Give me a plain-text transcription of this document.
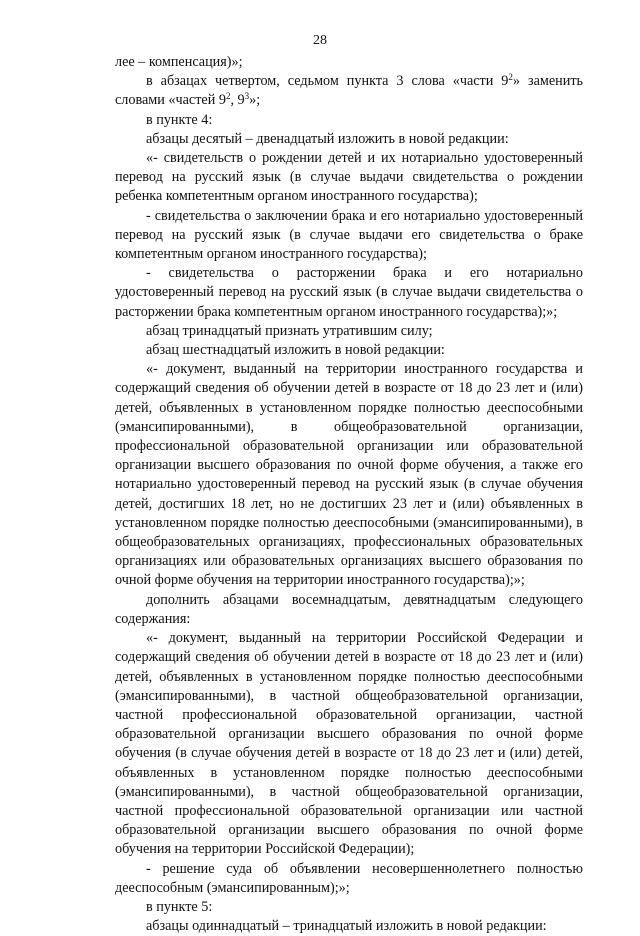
28

лее – компенсация)»;

в абзацах четвертом, седьмом пункта 3 слова «части $9^2$» заменить словами «частей $9^2$, $9^3$»;

в пункте 4:

абзацы десятый – двенадцатый изложить в новой редакции:

«- свидетельств о рождении детей и их нотариально удостоверенный перевод на русский язык (в случае выдачи свидетельства о рождении ребенка компетентным органом иностранного государства);

- свидетельства о заключении брака и его нотариально удостоверенный перевод на русский язык (в случае выдачи его свидетельства о браке компетентным органом иностранного государства);

- свидетельства о расторжении брака и его нотариально удостоверенный перевод на русский язык (в случае выдачи свидетельства о расторжении брака компетентным органом иностранного государства);»;

абзац тринадцатый признать утратившим силу;

абзац шестнадцатый изложить в новой редакции:

«- документ, выданный на территории иностранного государства и содержащий сведения об обучении детей в возрасте от 18 до 23 лет и (или) детей, объявленных в установленном порядке полностью дееспособными (эмансипированными), в общеобразовательной организации, профессиональной образовательной организации или образовательной организации высшего образования по очной форме обучения, а также его нотариально удостоверенный перевод на русский язык (в случае обучения детей, достигших 18 лет, но не достигших 23 лет и (или) объявленных в установленном порядке полностью дееспособными (эмансипированными), в общеобразовательных организациях, профессиональных образовательных организациях или образовательных организациях высшего образования по очной форме обучения на территории иностранного государства);»;

дополнить абзацами восемнадцатым, девятнадцатым следующего содержания:

«- документ, выданный на территории Российской Федерации и содержащий сведения об обучении детей в возрасте от 18 до 23 лет и (или) детей, объявленных в установленном порядке полностью дееспособными (эмансипированными), в частной общеобразовательной организации, частной профессиональной образовательной организации, частной образовательной организации высшего образования по очной форме обучения (в случае обучения детей в возрасте от 18 до 23 лет и (или) детей, объявленных в установленном порядке полностью дееспособными (эмансипированными), в частной общеобразовательной организации, частной профессиональной образовательной организации или частной образовательной организации высшего образования по очной форме обучения на территории Российской Федерации);

- решение суда об объявлении несовершеннолетнего полностью дееспособным (эмансипированным);»;

в пункте 5:

абзацы одиннадцатый – тринадцатый изложить в новой редакции:
